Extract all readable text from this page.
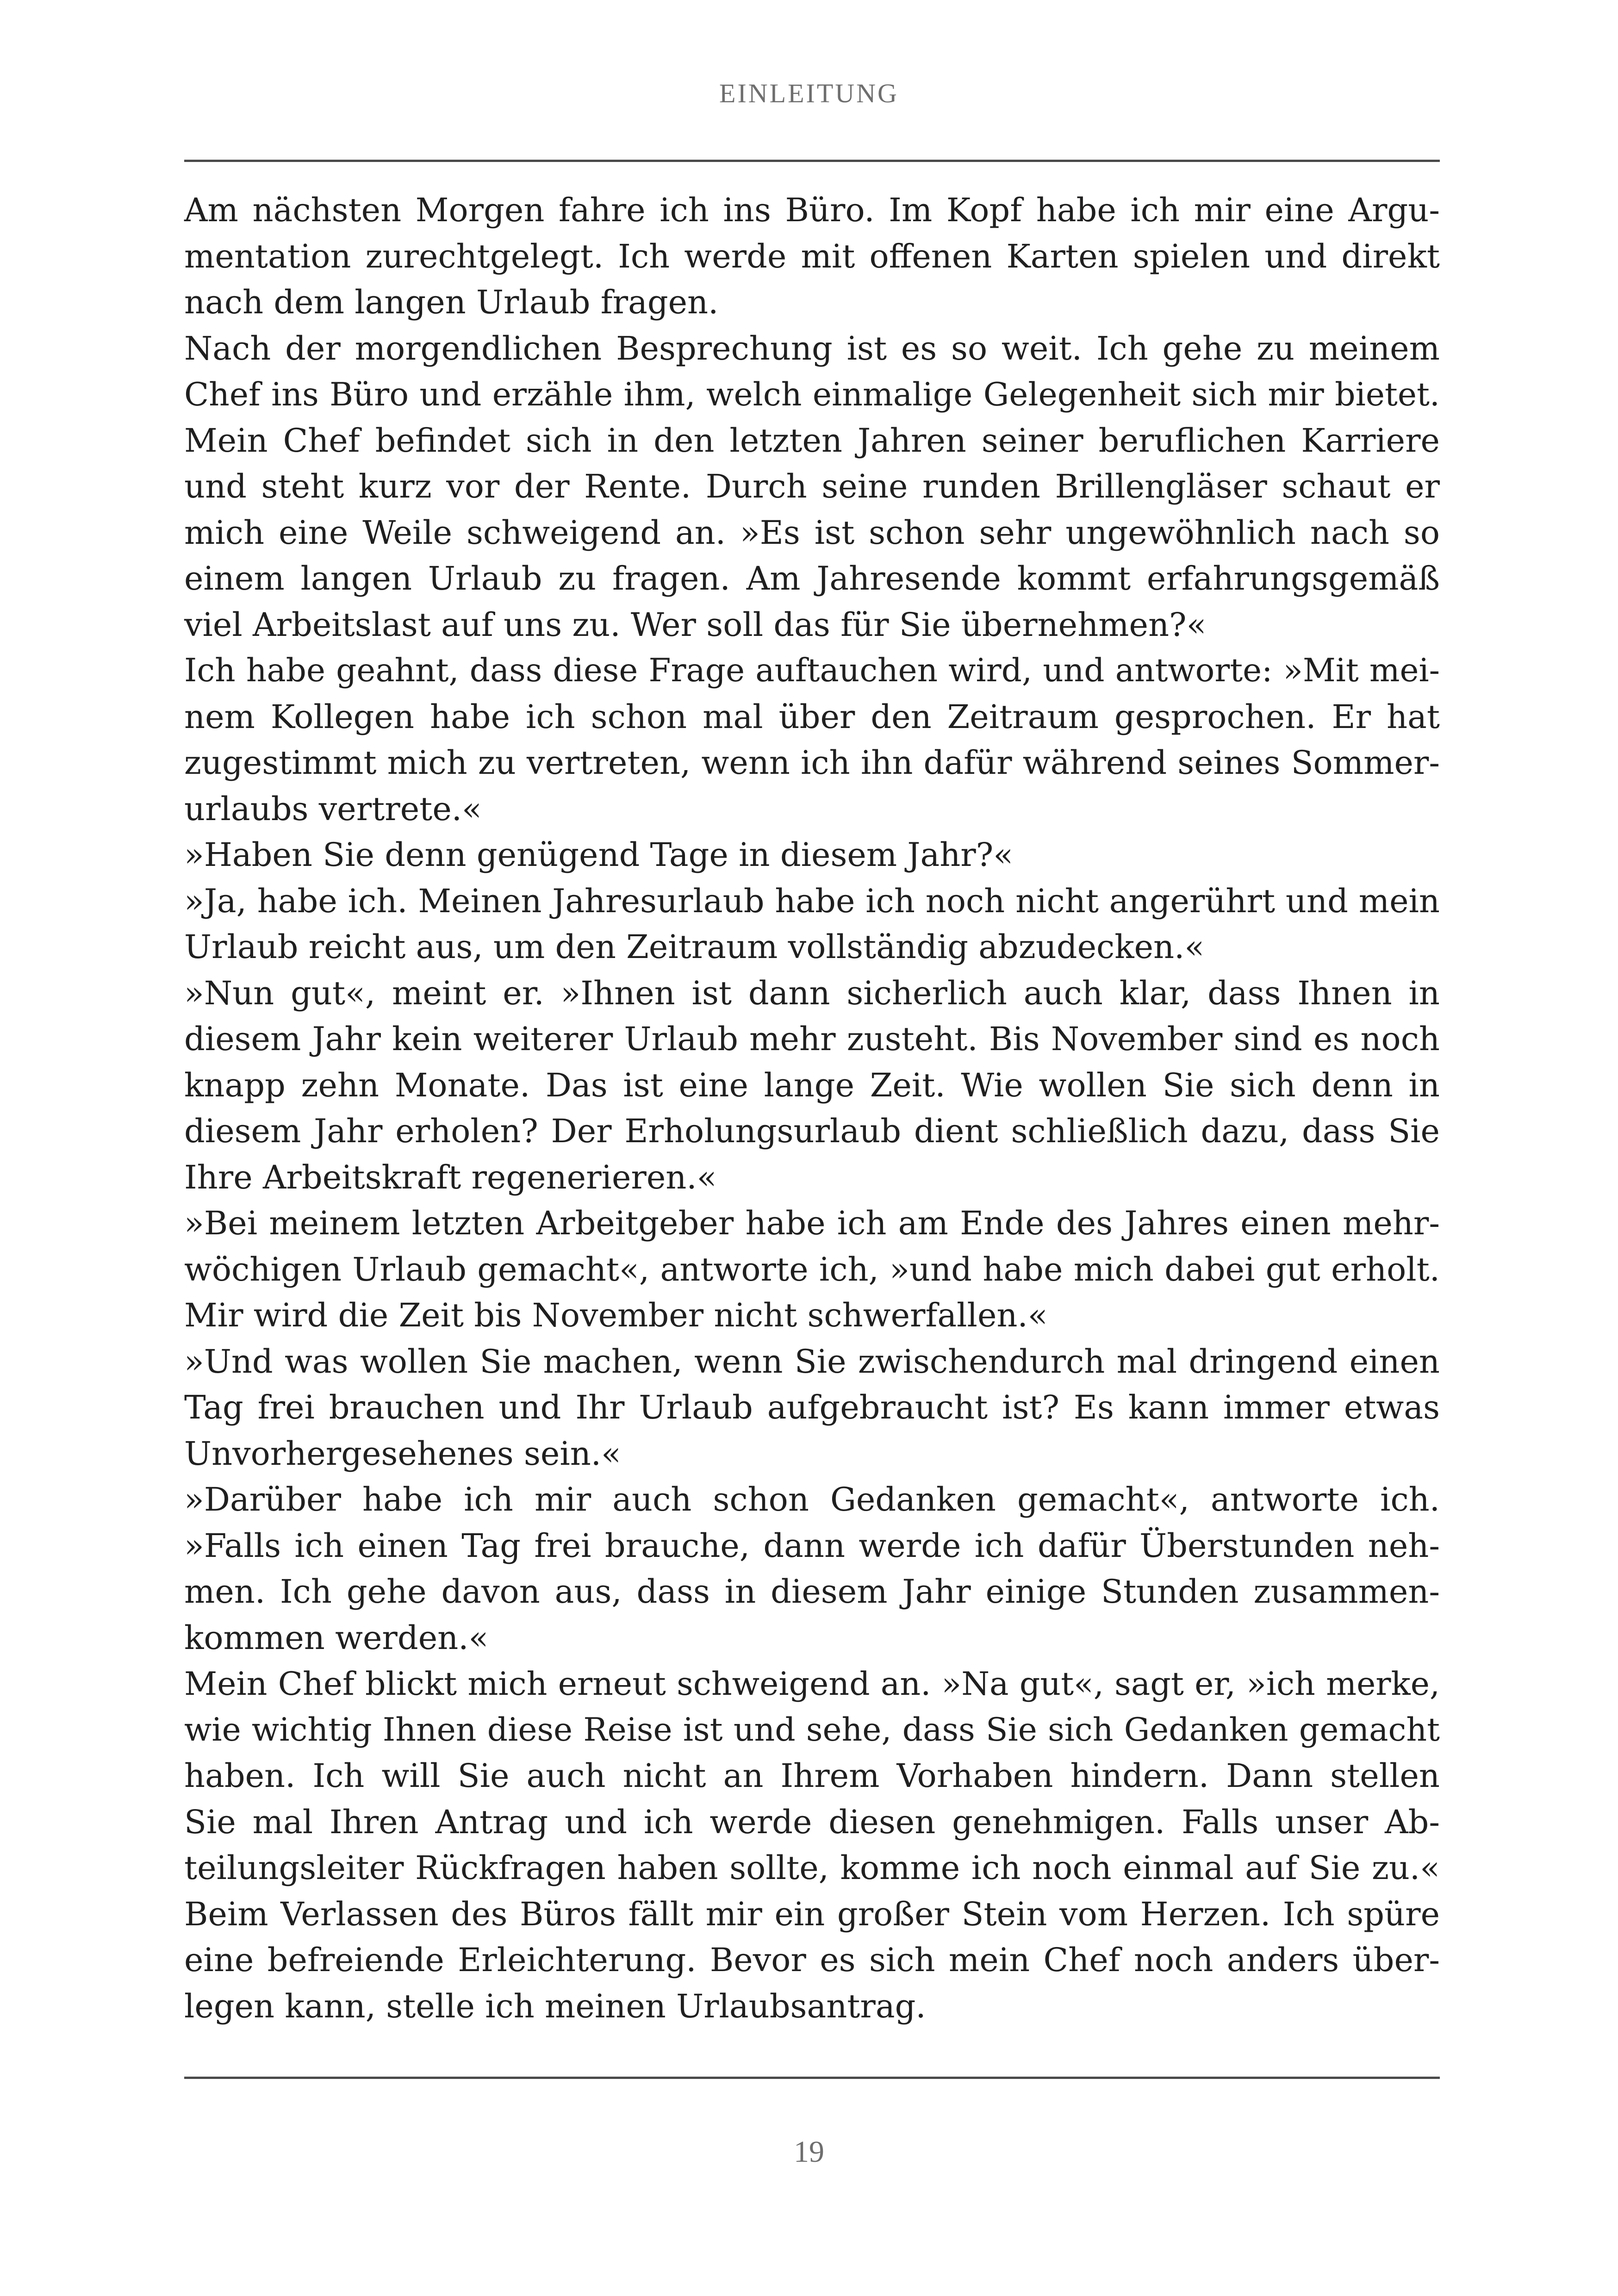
EINLEITUNG
Am nächsten Morgen fahre ich ins Büro. Im Kopf habe ich mir eine Argu-
mentation zurechtgelegt. Ich werde mit offenen Karten spielen und direkt
nach dem langen Urlaub fragen.
Nach der morgendlichen Besprechung ist es so weit. Ich gehe zu meinem
Chef ins Büro und erzähle ihm, welch einmalige Gelegenheit sich mir bietet.
Mein Chef befindet sich in den letzten Jahren seiner beruflichen Karriere
und steht kurz vor der Rente. Durch seine runden Brillengläser schaut er
mich eine Weile schweigend an. »Es ist schon sehr ungewöhnlich nach so
einem langen Urlaub zu fragen. Am Jahresende kommt erfahrungsgemäß
viel Arbeitslast auf uns zu. Wer soll das für Sie übernehmen?«
Ich habe geahnt, dass diese Frage auftauchen wird, und antworte: »Mit mei-
nem Kollegen habe ich schon mal über den Zeitraum gesprochen. Er hat
zugestimmt mich zu vertreten, wenn ich ihn dafür während seines Sommer-
urlaubs vertrete.«
»Haben Sie denn genügend Tage in diesem Jahr?«
»Ja, habe ich. Meinen Jahresurlaub habe ich noch nicht angerührt und mein
Urlaub reicht aus, um den Zeitraum vollständig abzudecken.«
»Nun gut«, meint er. »Ihnen ist dann sicherlich auch klar, dass Ihnen in
diesem Jahr kein weiterer Urlaub mehr zusteht. Bis November sind es noch
knapp zehn Monate. Das ist eine lange Zeit. Wie wollen Sie sich denn in
diesem Jahr erholen? Der Erholungsurlaub dient schließlich dazu, dass Sie
Ihre Arbeitskraft regenerieren.«
»Bei meinem letzten Arbeitgeber habe ich am Ende des Jahres einen mehr-
wöchigen Urlaub gemacht«, antworte ich, »und habe mich dabei gut erholt.
Mir wird die Zeit bis November nicht schwerfallen.«
»Und was wollen Sie machen, wenn Sie zwischendurch mal dringend einen
Tag frei brauchen und Ihr Urlaub aufgebraucht ist? Es kann immer etwas
Unvorhergesehenes sein.«
»Darüber habe ich mir auch schon Gedanken gemacht«, antworte ich.
»Falls ich einen Tag frei brauche, dann werde ich dafür Überstunden neh-
men. Ich gehe davon aus, dass in diesem Jahr einige Stunden zusammen-
kommen werden.«
Mein Chef blickt mich erneut schweigend an. »Na gut«, sagt er, »ich merke,
wie wichtig Ihnen diese Reise ist und sehe, dass Sie sich Gedanken gemacht
haben. Ich will Sie auch nicht an Ihrem Vorhaben hindern. Dann stellen
Sie mal Ihren Antrag und ich werde diesen genehmigen. Falls unser Ab-
teilungsleiter Rückfragen haben sollte, komme ich noch einmal auf Sie zu.«
Beim Verlassen des Büros fällt mir ein großer Stein vom Herzen. Ich spüre
eine befreiende Erleichterung. Bevor es sich mein Chef noch anders über-
legen kann, stelle ich meinen Urlaubsantrag.
19
